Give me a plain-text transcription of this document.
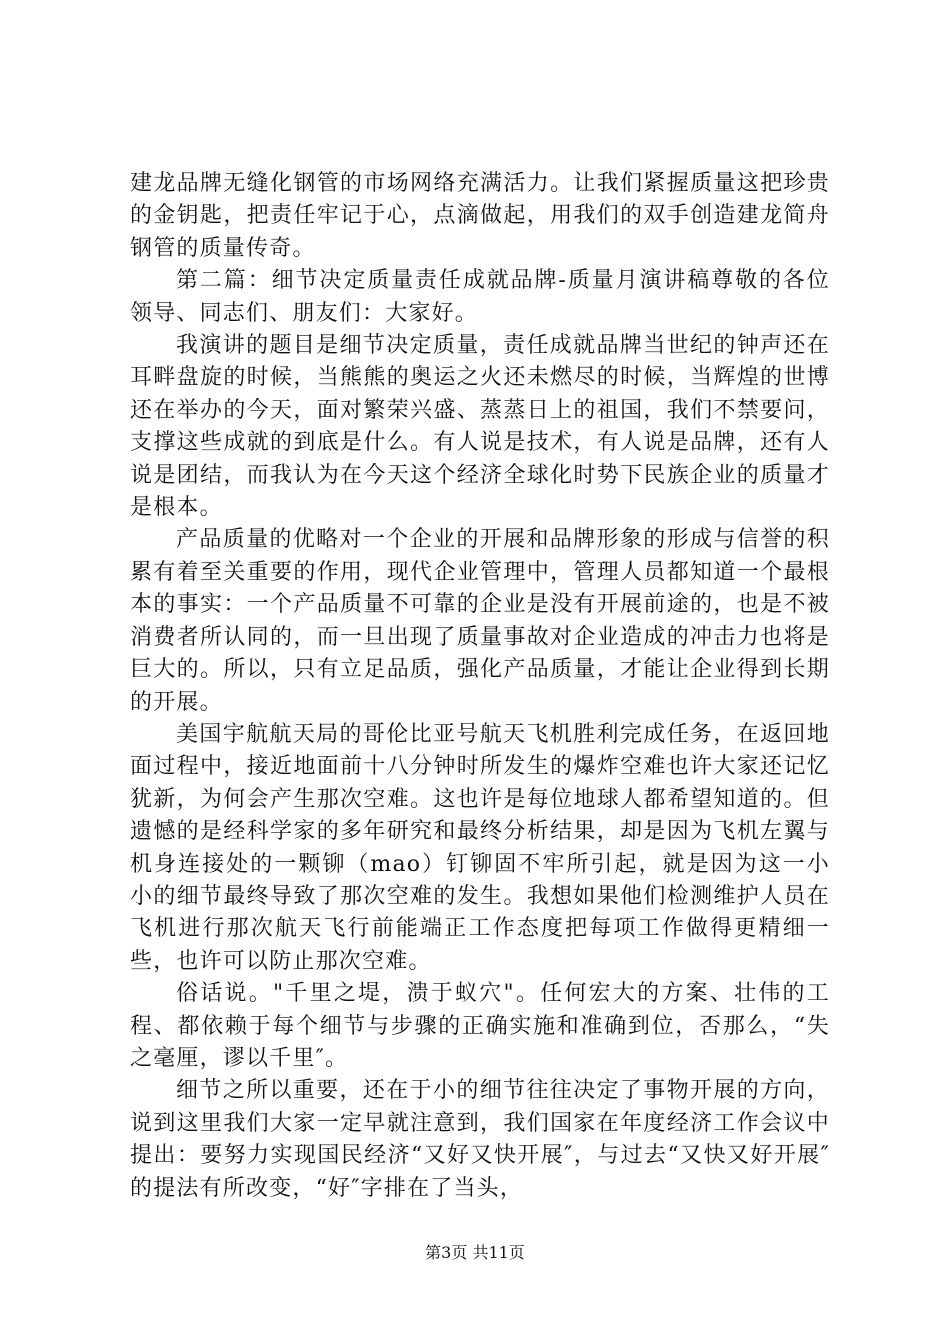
建龙品牌无缝化钢管的市场网络充满活力。让我们紧握质量这把珍贵的金钥匙，把责任牢记于心，点滴做起，用我们的双手创造建龙简舟钢管的质量传奇。

第二篇：细节决定质量责任成就品牌-质量月演讲稿尊敬的各位领导、同志们、朋友们：大家好。

我演讲的题目是细节决定质量，责任成就品牌当世纪的钟声还在耳畔盘旋的时候，当熊熊的奥运之火还未燃尽的时候，当辉煌的世博还在举办的今天，面对繁荣兴盛、蒸蒸日上的祖国，我们不禁要问，支撑这些成就的到底是什么。有人说是技术，有人说是品牌，还有人说是团结，而我认为在今天这个经济全球化时势下民族企业的质量才是根本。

产品质量的优略对一个企业的开展和品牌形象的形成与信誉的积累有着至关重要的作用，现代企业管理中，管理人员都知道一个最根本的事实：一个产品质量不可靠的企业是没有开展前途的，也是不被消费者所认同的，而一旦出现了质量事故对企业造成的冲击力也将是巨大的。所以，只有立足品质，强化产品质量，才能让企业得到长期的开展。

美国宇航航天局的哥伦比亚号航天飞机胜利完成任务，在返回地面过程中，接近地面前十八分钟时所发生的爆炸空难也许大家还记忆犹新，为何会产生那次空难。这也许是每位地球人都希望知道的。但遗憾的是经科学家的多年研究和最终分析结果，却是因为飞机左翼与机身连接处的一颗铆（mao）钉铆固不牢所引起，就是因为这一小小的细节最终导致了那次空难的发生。我想如果他们检测维护人员在飞机进行那次航天飞行前能端正工作态度把每项工作做得更精细一些，也许可以防止那次空难。

俗话说。"千里之堤，溃于蚁穴"。任何宏大的方案、壮伟的工程、都依赖于每个细节与步骤的正确实施和准确到位，否那么，“失之毫厘，谬以千里″。

细节之所以重要，还在于小的细节往往决定了事物开展的方向，说到这里我们大家一定早就注意到，我们国家在年度经济工作会议中提出：要努力实现国民经济“又好又快开展″，与过去“又快又好开展″的提法有所改变，“好″字排在了当头，

第3页 共11页
